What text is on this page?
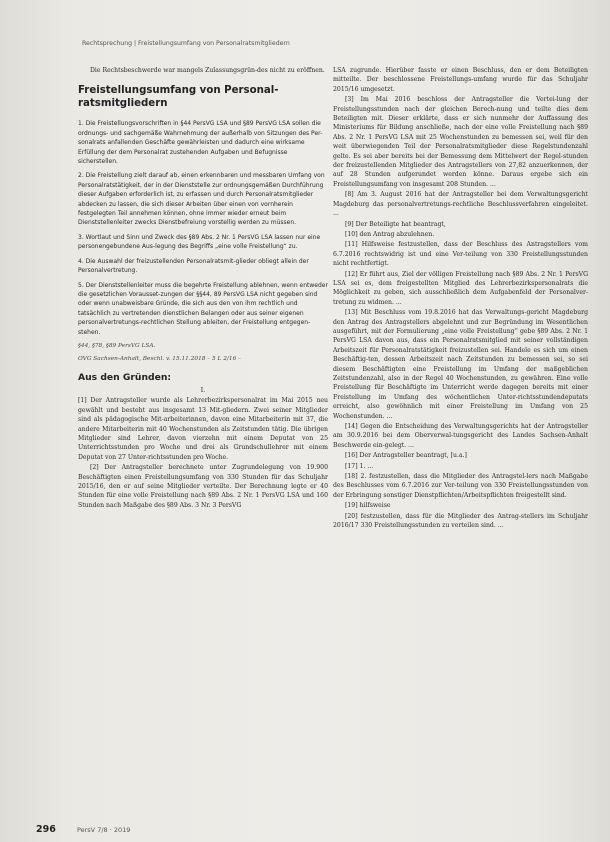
Rechtsprechung | Freistellungsumfang von Personalratsmitgliedern

Die Rechtsbeschwerde war mangels Zulassungsgrün-des nicht zu eröffnen.

Freistellungsumfang von Personal-ratsmitgliedern

1. Die Freistellungsvorschriften in §44 PersVG LSA und §89 PersVG LSA sollen die ordnungs- und sachgemäße Wahrnehmung der außerhalb von Sitzungen des Per-sonalrats anfallenden Geschäfte gewährleisten und dadurch eine wirksame Erfüllung der dem Personalrat zustehenden Aufgaben und Befugnisse sicherstellen.

2. Die Freistellung zielt darauf ab, einen erkennbaren und messbaren Umfang von Personalratstätigkeit, der in der Dienststelle zur ordnungsgemäßen Durchführung dieser Aufgaben erforderlich ist, zu erfassen und durch Personalratsmitglieder abdecken zu lassen, die sich dieser Arbeiten über einen von vornherein festgelegten Teil annehmen können, ohne immer wieder erneut beim Dienststellenleiter zwecks Dienstbefreiung vorstellig werden zu müssen.

3. Wortlaut und Sinn und Zweck des §89 Abs. 2 Nr. 1 PersVG LSA lassen nur eine personengebundene Aus-legung des Begriffs „eine volle Freistellung“ zu.

4. Die Auswahl der freizustellenden Personalratsmit-glieder obliegt allein der Personalvertretung.

5. Der Dienststellenleiter muss die begehrte Freistellung ablehnen, wenn entweder die gesetzlichen Vorausset-zungen der §§44, 89 PersVG LSA nicht gegeben sind oder wenn unabweisbare Gründe, die sich aus den von ihm rechtlich und tatsächlich zu vertretenden dienstlichen Belangen oder aus seiner eigenen personalvertretungs-rechtlichen Stellung ableiten, der Freistellung entgegen-stehen.

§44, §78, §89 PersVG LSA.

OVG Sachsen-Anhalt, Beschl. v. 15.11.2018 – 5 L 2/16 –

Aus den Gründen:

I.

[1] Der Antragsteller wurde als Lehrerbezirkspersonalrat im Mai 2015 neu gewählt und besteht aus insgesamt 13 Mit-gliedern. Zwei seiner Mitglieder sind als pädagogische Mit-arbeiterinnen, davon eine Mitarbeiterin mit 37, die andere Mitarbeiterin mit 40 Wochenstunden als Zeitstunden tätig. Die übrigen Mitglieder sind Lehrer, davon vierzehn mit einem Deputat von 25 Unterrichtsstunden pro Woche und drei als Grundschullehrer mit einem Deputat von 27 Unter-richtsstunden pro Woche.

[2] Der Antragsteller berechnete unter Zugrundelegung von 19.900 Beschäftigten einen Freistellungsumfang von 330 Stunden für das Schuljahr 2015/16, den er auf seine Mitglieder verteilte. Der Berechnung legte er 40 Stunden für eine volle Freistellung nach §89 Abs. 2 Nr. 1 PersVG LSA und 160 Stunden nach Maßgabe des §89 Abs. 3 Nr. 3 PersVG

LSA zugrunde. Hierüber fasste er einen Beschluss, den er dem Beteiligten mitteilte. Der beschlossene Freistellungs-umfang wurde für das Schuljahr 2015/16 umgesetzt.

[3] Im Mai 2016 beschloss der Antragsteller die Vertei-lung der Freistellungsstunden nach der gleichen Berech-nung und teilte dies dem Beteiligten mit. Dieser erklärte, dass er sich nunmehr der Auffassung des Ministeriums für Bildung anschließe, nach der eine volle Freistellung nach §89 Abs. 2 Nr. 1 PersVG LSA mit 25 Wochenstunden zu bemessen sei, weil für den weit überwiegenden Teil der Personalratsmitglieder diese Regelstundenzahl gelte. Es sei aber bereits bei der Bemessung dem Mittelwert der Regel-stunden der freizustellenden Mitglieder des Antragstellers von 27,82 anzuerkennen, der auf 28 Stunden aufgerundet werden könne. Daraus ergebe sich ein Freistellungsumfang von insgesamt 208 Stunden. ...

[8] Am 3. August 2016 hat der Antragsteller bei dem Verwaltungsgericht Magdeburg das personalvertretungs-rechtliche Beschlussverfahren eingeleitet. ...

[9] Der Beteiligte hat beantragt,

[10] den Antrag abzulehnen.

[11] Hilfsweise festzustellen, dass der Beschluss des Antragstellers vom 6.7.2016 rechtswidrig ist und eine Ver-teilung von 330 Freistellungsstunden nicht rechtfertigt.

[12] Er führt aus, Ziel der völligen Freistellung nach §89 Abs. 2 Nr. 1 PersVG LSA sei es, dem freigestellten Mitglied des Lehrerbezirkspersonalrats die Möglichkeit zu geben, sich ausschließlich dem Aufgabenfeld der Personalver-tretung zu widmen. ...

[13] Mit Beschluss vom 19.8.2016 hat das Verwaltungs-gericht Magdeburg den Antrag des Antragstellers abgelehnt und zur Begründung im Wesentlichen ausgeführt, mit der Formulierung „eine volle Freistellung“ gebe §89 Abs. 2 Nr. 1 PersVG LSA davon aus, dass ein Personalratsmitglied mit seiner vollständigen Arbeitszeit für Personalratstätigkeit freizustellen sei. Handele es sich um einen Beschäftig-ten, dessen Arbeitszeit nach Zeitstunden zu bemessen sei, so sei diesem Beschäftigten eine Freistellung im Umfang der maßgeblichen Zeitstundenzahl, also in der Regel 40 Wochenstunden, zu gewähren. Eine volle Freistellung für Beschäftigte im Unterricht werde dagegen bereits mit einer Freistellung im Umfang des wöchentlichen Unter-richtsstundendeputats erreicht, also gewöhnlich mit einer Freistellung im Umfang von 25 Wochenstunden. ...

[14] Gegen die Entscheidung des Verwaltungsgerichts hat der Antragsteller am 30.9.2016 bei dem Oberverwal-tungsgericht des Landes Sachsen-Anhalt Beschwerde ein-gelegt. ...

[16] Der Antragsteller beantragt, [u.a.]

[17] 1. ...

[18] 2. festzustellen, dass die Mitglieder des Antragstel-lers nach Maßgabe des Beschlusses vom 6.7.2016 zur Ver-teilung von 330 Freistellungsstunden von der Erbringung sonstiger Dienstpflichten/Arbeitspflichten freigestellt sind.

[19] hilfsweise

[20] festzustellen, dass für die Mitglieder des Antrag-stellers im Schuljahr 2016/17 330 Freistellungsstunden zu verteilen sind. ...

296	PersV 7/8 · 2019
